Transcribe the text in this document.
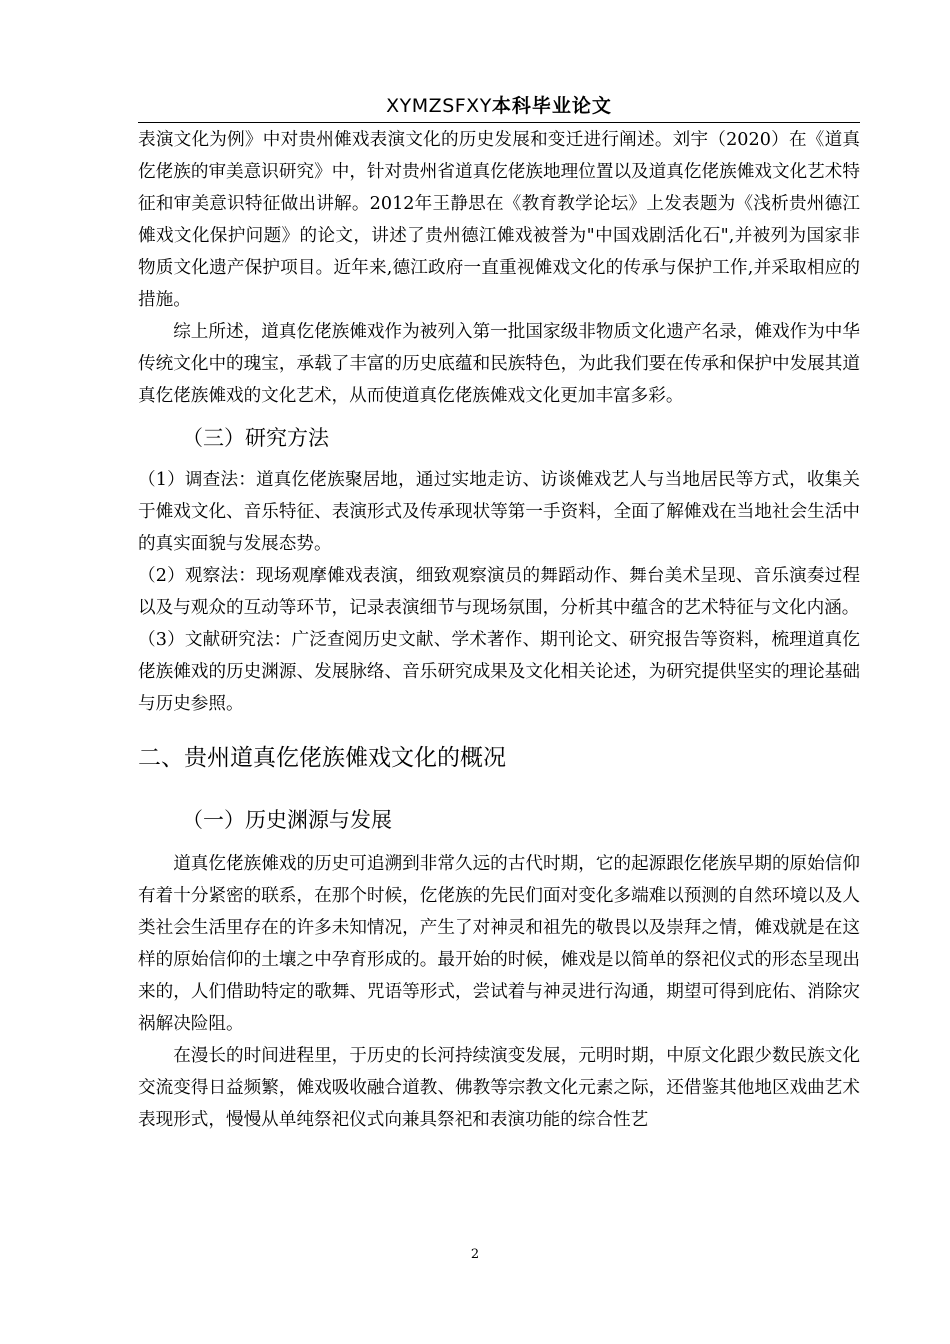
XYMZSFXY本科毕业论文

表演文化为例》中对贵州傩戏表演文化的历史发展和变迁进行阐述。刘宇（2020）在《道真仡佬族的审美意识研究》中，针对贵州省道真仡佬族地理位置以及道真仡佬族傩戏文化艺术特征和审美意识特征做出讲解。2012年王静思在《教育教学论坛》上发表题为《浅析贵州德江傩戏文化保护问题》的论文，讲述了贵州德江傩戏被誉为"中国戏剧活化石",并被列为国家非物质文化遗产保护项目。近年来,德江政府一直重视傩戏文化的传承与保护工作,并采取相应的措施。

综上所述，道真仡佬族傩戏作为被列入第一批国家级非物质文化遗产名录，傩戏作为中华传统文化中的瑰宝，承载了丰富的历史底蕴和民族特色，为此我们要在传承和保护中发展其道真仡佬族傩戏的文化艺术，从而使道真仡佬族傩戏文化更加丰富多彩。

（三）研究方法

（1）调查法：道真仡佬族聚居地，通过实地走访、访谈傩戏艺人与当地居民等方式，收集关于傩戏文化、音乐特征、表演形式及传承现状等第一手资料，全面了解傩戏在当地社会生活中的真实面貌与发展态势。

（2）观察法：现场观摩傩戏表演，细致观察演员的舞蹈动作、舞台美术呈现、音乐演奏过程以及与观众的互动等环节，记录表演细节与现场氛围，分析其中蕴含的艺术特征与文化内涵。

（3）文献研究法：广泛查阅历史文献、学术著作、期刊论文、研究报告等资料，梳理道真仡佬族傩戏的历史渊源、发展脉络、音乐研究成果及文化相关论述，为研究提供坚实的理论基础与历史参照。

二、贵州道真仡佬族傩戏文化的概况
（一）历史渊源与发展

道真仡佬族傩戏的历史可追溯到非常久远的古代时期，它的起源跟仡佬族早期的原始信仰有着十分紧密的联系，在那个时候，仡佬族的先民们面对变化多端难以预测的自然环境以及人类社会生活里存在的许多未知情况，产生了对神灵和祖先的敬畏以及崇拜之情，傩戏就是在这样的原始信仰的土壤之中孕育形成的。最开始的时候，傩戏是以简单的祭祀仪式的形态呈现出来的，人们借助特定的歌舞、咒语等形式，尝试着与神灵进行沟通，期望可得到庇佑、消除灾祸解决险阻。

在漫长的时间进程里，于历史的长河持续演变发展，元明时期，中原文化跟少数民族文化交流变得日益频繁，傩戏吸收融合道教、佛教等宗教文化元素之际，还借鉴其他地区戏曲艺术表现形式，慢慢从单纯祭祀仪式向兼具祭祀和表演功能的综合性艺

2
